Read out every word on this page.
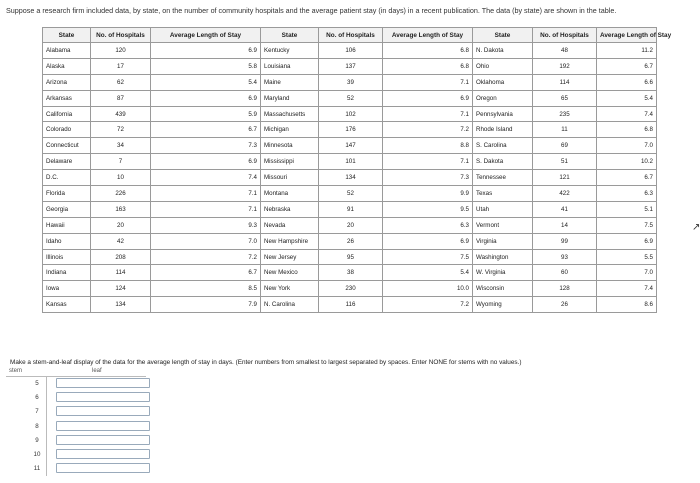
Suppose a research firm included data, by state, on the number of community hospitals and the average patient stay (in days) in a recent publication. The data (by state) are shown in the table.
State	No. of Hospitals	Average Length of Stay	State	No. of Hospitals	Average Length of Stay	State	No. of Hospitals	Average Length of Stay
Alabama	120	6.9	Kentucky	106	6.8	N. Dakota	48	11.2
Alaska	17	5.8	Louisiana	137	6.8	Ohio	192	6.7
Arizona	62	5.4	Maine	39	7.1	Oklahoma	114	6.6
Arkansas	87	6.9	Maryland	52	6.9	Oregon	65	5.4
California	439	5.9	Massachusetts	102	7.1	Pennsylvania	235	7.4
Colorado	72	6.7	Michigan	176	7.2	Rhode Island	11	6.8
Connecticut	34	7.3	Minnesota	147	8.8	S. Carolina	69	7.0
Delaware	7	6.9	Mississippi	101	7.1	S. Dakota	51	10.2
D.C.	10	7.4	Missouri	134	7.3	Tennessee	121	6.7
Florida	226	7.1	Montana	52	9.9	Texas	422	6.3
Georgia	163	7.1	Nebraska	91	9.5	Utah	41	5.1
Hawaii	20	9.3	Nevada	20	6.3	Vermont	14	7.5
Idaho	42	7.0	New Hampshire	26	6.9	Virginia	99	6.9
Illinois	208	7.2	New Jersey	95	7.5	Washington	93	5.5
Indiana	114	6.7	New Mexico	38	5.4	W. Virginia	60	7.0
Iowa	124	8.5	New York	230	10.0	Wisconsin	128	7.4
Kansas	134	7.9	N. Carolina	116	7.2	Wyoming	26	8.6
Make a stem-and-leaf display of the data for the average length of stay in days. (Enter numbers from smallest to largest separated by spaces. Enter NONE for stems with no values.)
stem	leaf
5
6
7
8
9
10
11
↗
